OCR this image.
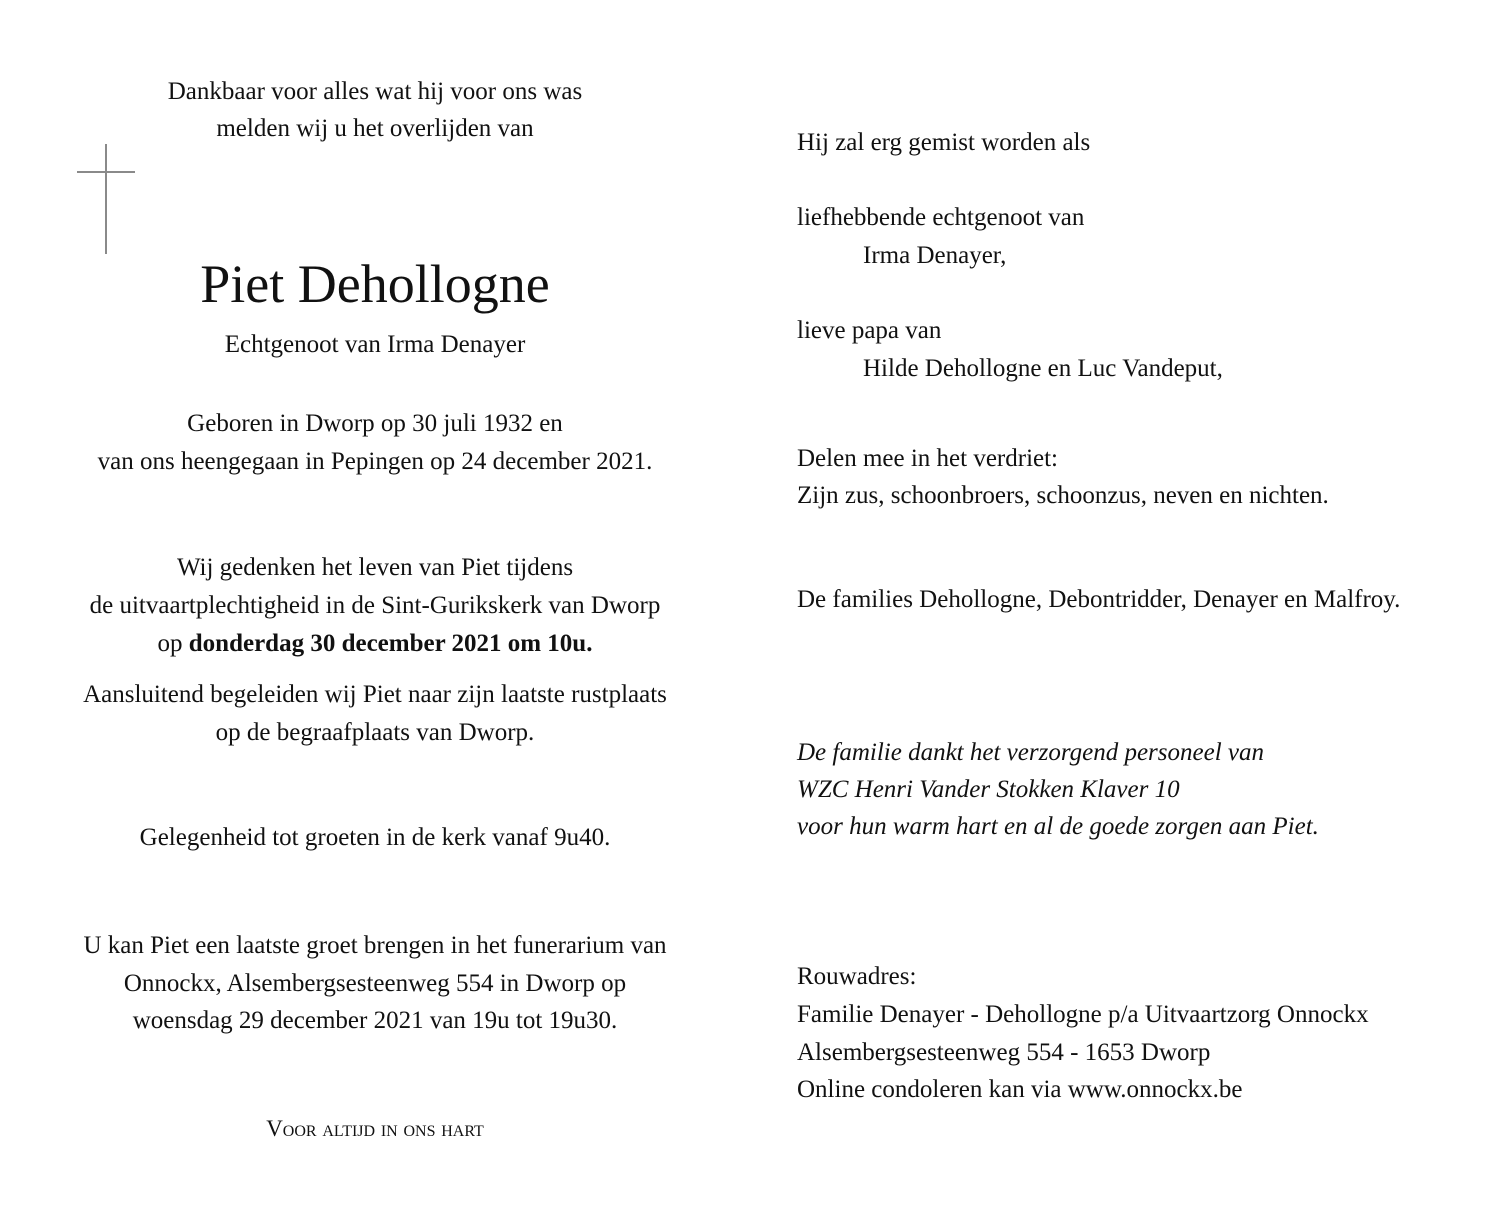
Dankbaar voor alles wat hij voor ons was
melden wij u het overlijden van
Piet Dehollogne
Echtgenoot van Irma Denayer
Geboren in Dworp op 30 juli 1932 en
van ons heengegaan in Pepingen op 24 december 2021.
Wij gedenken het leven van Piet tijdens
de uitvaartplechtigheid in de Sint-Gurikskerk van Dworp
op donderdag 30 december 2021 om 10u.
Aansluitend begeleiden wij Piet naar zijn laatste rustplaats
op de begraafplaats van Dworp.
Gelegenheid tot groeten in de kerk vanaf 9u40.
U kan Piet een laatste groet brengen in het funerarium van
Onnockx, Alsembergsesteenweg 554 in Dworp op
woensdag 29 december 2021 van 19u tot 19u30.
Voor altijd in ons hart
Hij zal erg gemist worden als
liefhebbende echtgenoot van
Irma Denayer,
lieve papa van
Hilde Dehollogne en Luc Vandeput,
Delen mee in het verdriet:
Zijn zus, schoonbroers, schoonzus, neven en nichten.
De families Dehollogne, Debontridder, Denayer en Malfroy.
De familie dankt het verzorgend personeel van
WZC Henri Vander Stokken Klaver 10
voor hun warm hart en al de goede zorgen aan Piet.
Rouwadres:
Familie Denayer - Dehollogne p/a Uitvaartzorg Onnockx
Alsembergsesteenweg 554 - 1653 Dworp
Online condoleren kan via www.onnockx.be
